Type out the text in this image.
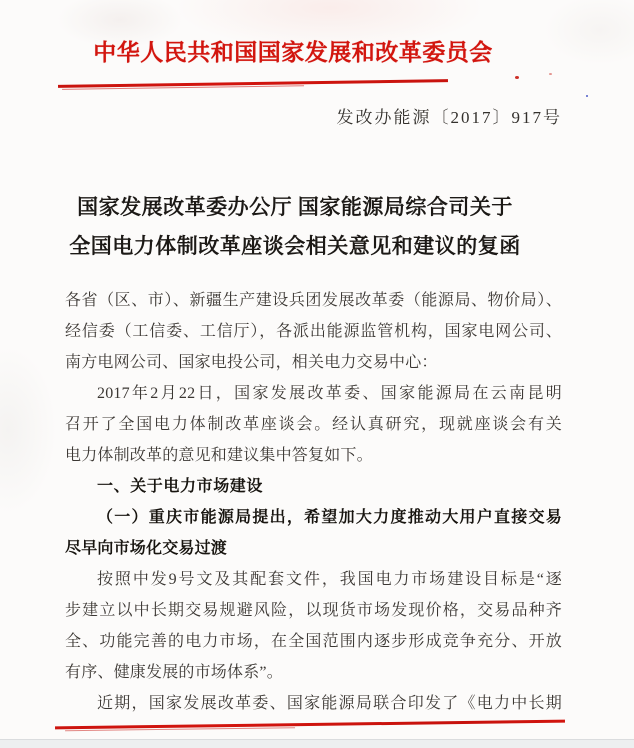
中华人民共和国国家发展和改革委员会
发改办能源〔2017〕917号
国家发展改革委办公厅 国家能源局综合司关于
全国电力体制改革座谈会相关意见和建议的复函
各省（区、市）、新疆生产建设兵团发展改革委（能源局、物价局）、
经信委（工信委、工信厅），各派出能源监管机构，国家电网公司、
南方电网公司、国家电投公司，相关电力交易中心：
2017年2月22日，国家发展改革委、国家能源局在云南昆明
召开了全国电力体制改革座谈会。经认真研究，现就座谈会有关
电力体制改革的意见和建议集中答复如下。
一、关于电力市场建设
（一）重庆市能源局提出，希望加大力度推动大用户直接交易
尽早向市场化交易过渡
按照中发9号文及其配套文件，我国电力市场建设目标是“逐
步建立以中长期交易规避风险，以现货市场发现价格，交易品种齐
全、功能完善的电力市场，在全国范围内逐步形成竞争充分、开放
有序、健康发展的市场体系”。
近期，国家发展改革委、国家能源局联合印发了《电力中长期
